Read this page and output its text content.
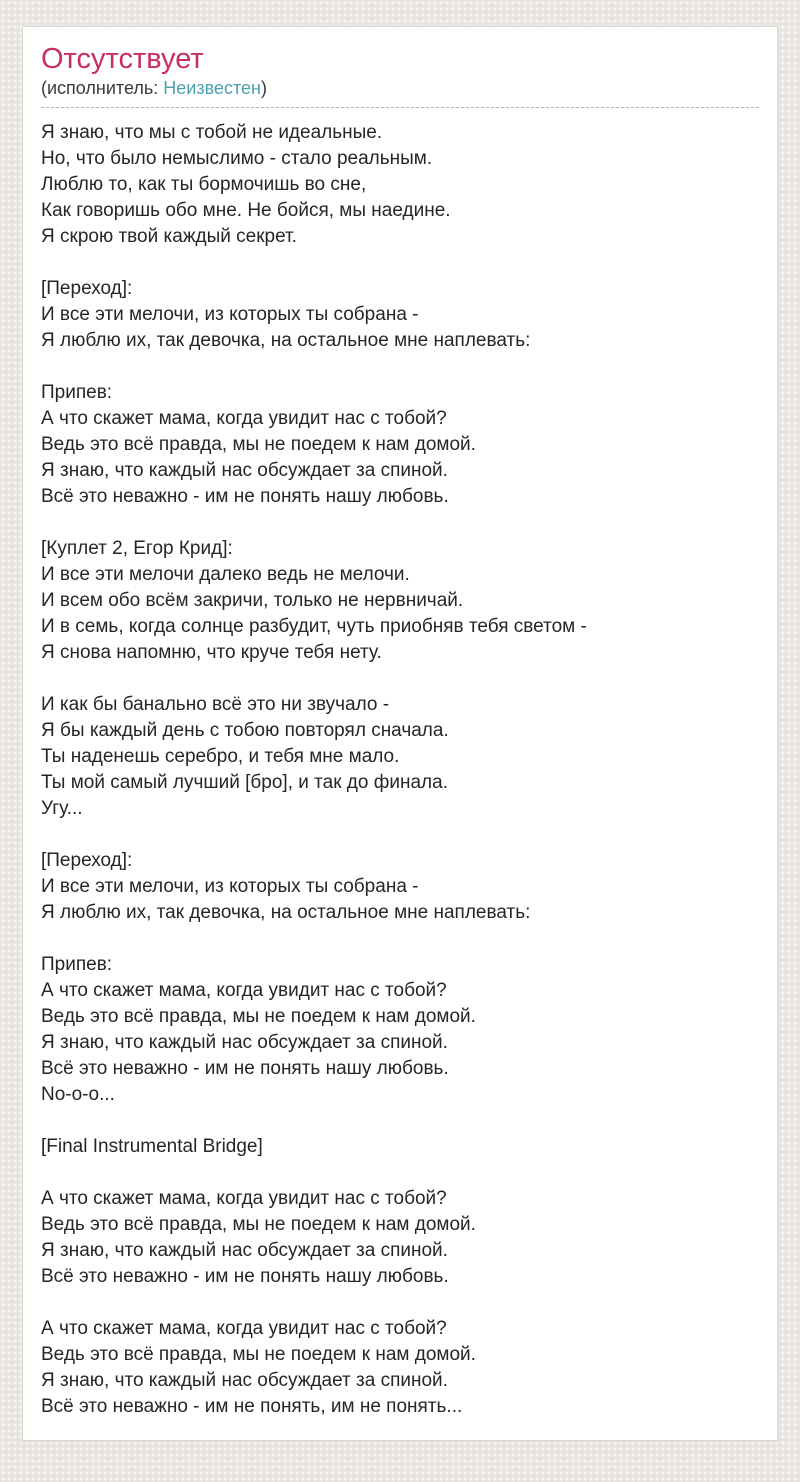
Отсутствует
(исполнитель: Неизвестен)
Я знаю, что мы с тобой не идеальные.
Но, что было немыслимо - стало реальным.
Люблю то, как ты бормочишь во сне,
Как говоришь обо мне. Не бойся, мы наедине.
Я скрою твой каждый секрет.
[Переход]:
И все эти мелочи, из которых ты собрана -
Я люблю их, так девочка, на остальное мне наплевать:
Припев:
А что скажет мама, когда увидит нас с тобой?
Ведь это всё правда, мы не поедем к нам домой.
Я знаю, что каждый нас обсуждает за спиной.
Всё это неважно - им не понять нашу любовь.
[Куплет 2, Егор Крид]:
И все эти мелочи далеко ведь не мелочи.
И всем обо всём закричи, только не нервничай.
И в семь, когда солнце разбудит, чуть приобняв тебя светом -
Я снова напомню, что круче тебя нету.
И как бы банально всё это ни звучало -
Я бы каждый день с тобою повторял сначала.
Ты наденешь серебро, и тебя мне мало.
Ты мой самый лучший [бро], и так до финала.
Угу...
[Переход]:
И все эти мелочи, из которых ты собрана -
Я люблю их, так девочка, на остальное мне наплевать:
Припев:
А что скажет мама, когда увидит нас с тобой?
Ведь это всё правда, мы не поедем к нам домой.
Я знаю, что каждый нас обсуждает за спиной.
Всё это неважно - им не понять нашу любовь.
No-o-o...
[Final Instrumental Bridge]
А что скажет мама, когда увидит нас с тобой?
Ведь это всё правда, мы не поедем к нам домой.
Я знаю, что каждый нас обсуждает за спиной.
Всё это неважно - им не понять нашу любовь.
А что скажет мама, когда увидит нас с тобой?
Ведь это всё правда, мы не поедем к нам домой.
Я знаю, что каждый нас обсуждает за спиной.
Всё это неважно - им не понять, им не понять...
